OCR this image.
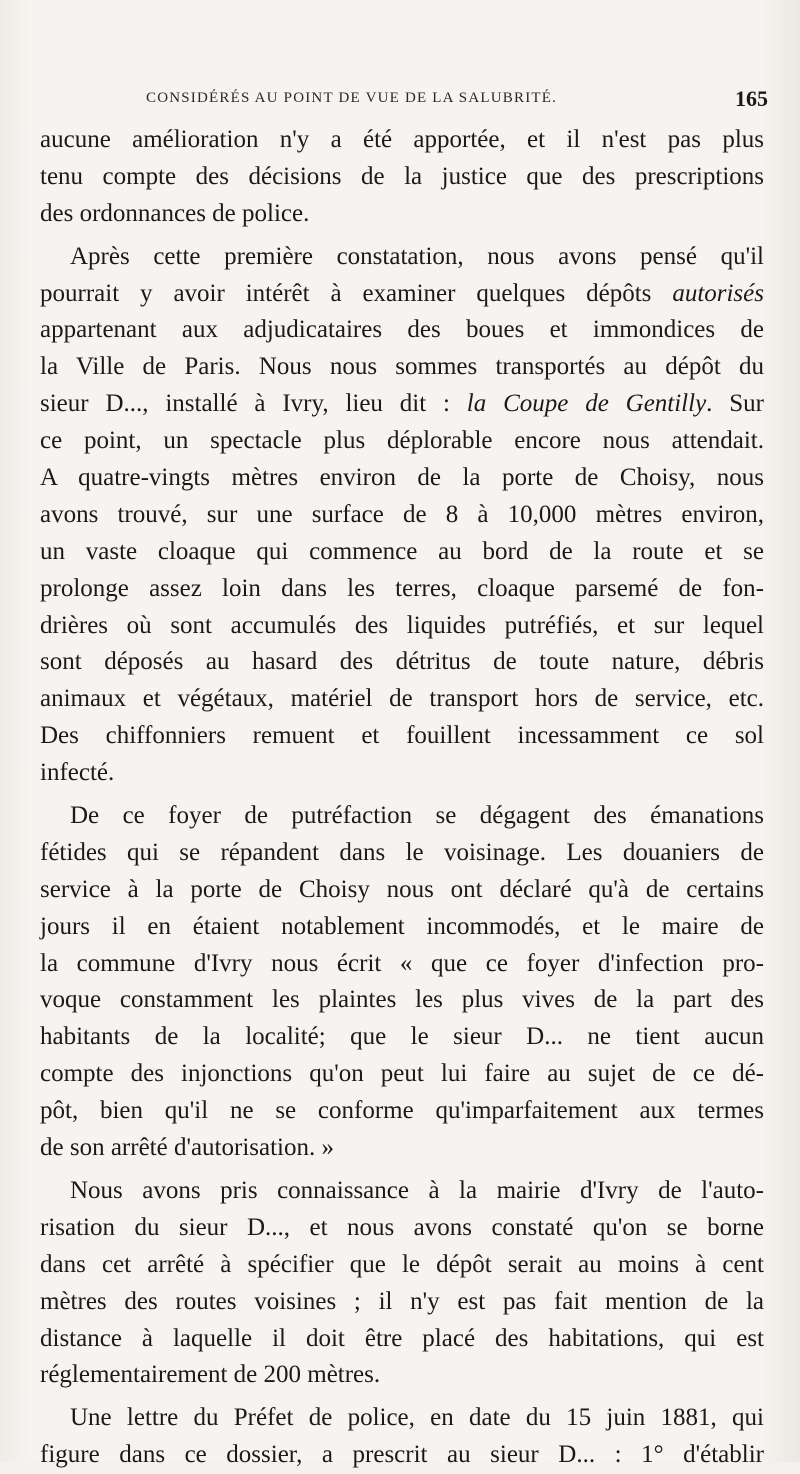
CONSIDÉRÉS AU POINT DE VUE DE LA SALUBRITÉ.	165
aucune amélioration n'y a été apportée, et il n'est pas plus
tenu compte des décisions de la justice que des prescriptions
des ordonnances de police.
Après cette première constatation, nous avons pensé qu'il
pourrait y avoir intérêt à examiner quelques dépôts autorisés
appartenant aux adjudicataires des boues et immondices de
la Ville de Paris. Nous nous sommes transportés au dépôt du
sieur D..., installé à Ivry, lieu dit : la Coupe de Gentilly. Sur
ce point, un spectacle plus déplorable encore nous attendait.
A quatre-vingts mètres environ de la porte de Choisy, nous
avons trouvé, sur une surface de 8 à 10,000 mètres environ,
un vaste cloaque qui commence au bord de la route et se
prolonge assez loin dans les terres, cloaque parsemé de fon-
drières où sont accumulés des liquides putréfiés, et sur lequel
sont déposés au hasard des détritus de toute nature, débris
animaux et végétaux, matériel de transport hors de service, etc.
Des chiffonniers remuent et fouillent incessamment ce sol
infecté.
De ce foyer de putréfaction se dégagent des émanations
fétides qui se répandent dans le voisinage. Les douaniers de
service à la porte de Choisy nous ont déclaré qu'à de certains
jours il en étaient notablement incommodés, et le maire de
la commune d'Ivry nous écrit « que ce foyer d'infection pro-
voque constamment les plaintes les plus vives de la part des
habitants de la localité; que le sieur D... ne tient aucun
compte des injonctions qu'on peut lui faire au sujet de ce dé-
pôt, bien qu'il ne se conforme qu'imparfaitement aux termes
de son arrêté d'autorisation. »
Nous avons pris connaissance à la mairie d'Ivry de l'auto-
risation du sieur D..., et nous avons constaté qu'on se borne
dans cet arrêté à spécifier que le dépôt serait au moins à cent
mètres des routes voisines ; il n'y est pas fait mention de la
distance à laquelle il doit être placé des habitations, qui est
réglementairement de 200 mètres.
Une lettre du Préfet de police, en date du 15 juin 1881, qui
figure dans ce dossier, a prescrit au sieur D... : 1° d'établir
